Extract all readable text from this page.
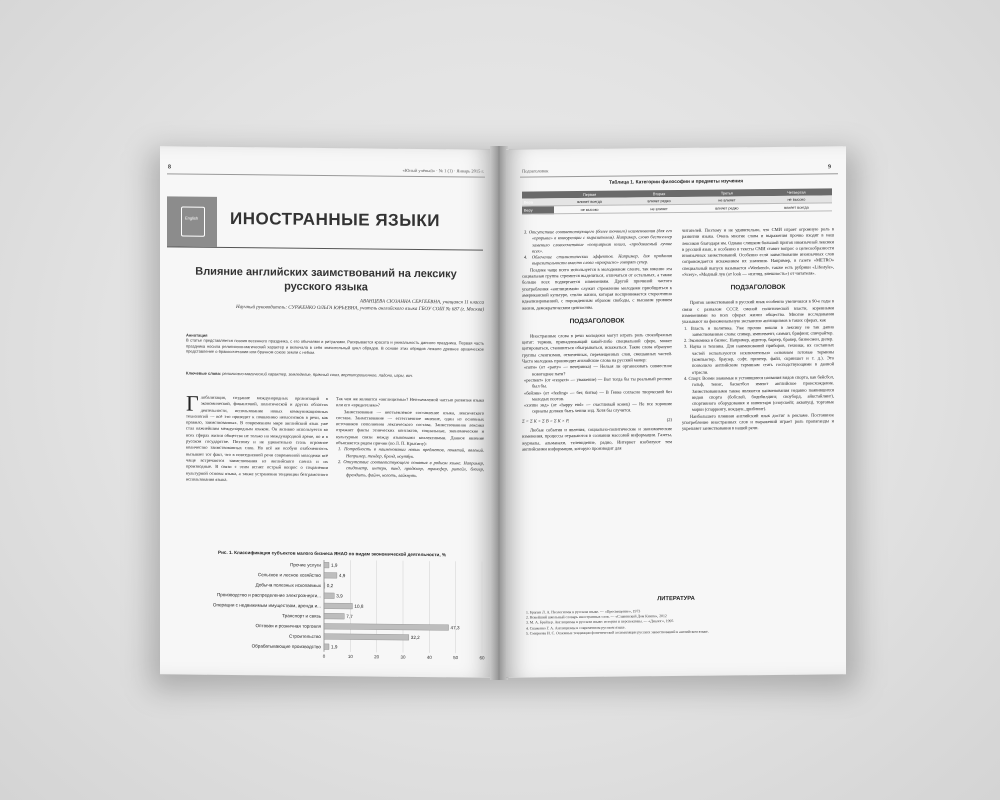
8
«Юный учёный» · № 1 (1) · Январь 2015 г.
English ИНОСТРАННЫЕ ЯЗЫКИ
Влияние английских заимствований на лексику русского языка
АВАНЦЕВА СЮЗАННА СЕРГЕЕВНА, учащаяся 11 класса
Научный руководитель: СУРЖЕНКО ОЛЬГА ЮРЬЕВНА, учитель английского языка ГБОУ СОШ № 687 (г. Москва)
Аннотация
В статье представляется поэзия весеннего праздника, с его обычаями и ритуалами. Раскрывается красота и уникальность данного праздника. Первая часть праздника носила религиозно-магический характер и включала в себя значительный цикл обрядов. В основе этих обрядов лежало древнее архаическое представление о бракосочетании или брачном союзе земли с небом.
Ключевые слова: религиозно-магический характер, земледелие, брачный союз, вертипорошенное, ладони, игры, вич.

Глобализация, создание международных организаций в экономической, финансовой, политической и других областях деятельности, использование новых коммуникационных технологий — всё это приводит к появлению неологизмов в речи, как правило, заимствованных. В современном мире английский язык уже стал важнейшим международным языком. Он активно используется во всех сферах жизни общества не только на международной арене, но и в русском государстве. Поэтому и не удивительно столь огромное количество заимствованных слов. Но всё же особую озабоченность вызывает тот факт, что в повседневной речи современной молодежи всё чаще встречаются заимствования из английского сленга и их производные. В связи с этим встает острый вопрос о сохранении культурной основы языка, а также устранения тенденции безграмотного использования языка.

Так чем же являются «англицизмы»? Неотъемлемой частью развития языка или его «вредителем»?

Заимствование — неотъемлемое составление языка, лексического состава. Заимствование — естественное явление, один из основных источников пополнения лексического состава. Заимствованная лексика отражает факты этнических контактов, социальные, экономические и культурные связи между языковыми коллективами. Данное явление объясняется рядом причин (по Л. П. Крысину):

1. Потребность в наименовании новых предметов, понятий, явлений. Например, тендер, бренд, ноутбук.

2. Отсутствие соответствующего понятия в родном языке. Например, спидометр, интерн, винд, продюсер, трансфер, ритейл, блогер, френдить, файнч, ноготь, лайкнуть.

Рис. 1. Классификация субъектов малого бизнеса ЯНАО по видам экономической деятельности, %
0	10	20	30	40	50	60
Прочие услуги 1,9
Сельское и лесное хозяйство	4,9
Добыча полезных ископаемых 0,2
Производство и распределение электроэнерги...	3,9
Операции с недвижимым имуществом, аренда и...	10,8
Транспорт и связь	7,7
Оптовая и розничная торговля	47,3
Строительство	32,2
Обрабатывающие производство 1,9
Подзаголовок
9
Таблица 1. Категории философии и предметы изучения
	Первая	Вторая	Третья	Четвертая
Вера	влияет всегда	влияет редко	не влияет	не высоко
Веру	не высоко	не влияет	влияет редко	влияет всегда

3. Отсутствие соответствующего (более точного) наименования (для его «прорыва» в конкуренции с выразителем). Например, слово бестселлер заменило словосочетание «популярная книга, «продаваемый лучше всех».

4. Облечение стилистических эффектов. Например, для придания выразительности вместо слова «прекрасно» говорят супер.

Позднее чаще всего используется в молодежном сленге, так именно эта социальная группа стремится выделиться, отличаться от остальных, а также больше всех подвергается изменениям. Другой причиной частого употребления «англицизмов» служит стремление молодежи приобщиться к американской культуре, стилю жизни, которая воспринимается стереотипно идеализированной, с порожденным образом свободы, с высоким уровнем жизни, демократическим ценностям.

ПОДЗАГОЛОВОК

Иностранные слова в речи молодежи могут играть роль своеобразных цитат: термин, принадлежащий какой-либо специальной сфере, может цитироваться, становиться обыгрываться, искажаться. Такие слова образуют группы сленгизмов, отмеченных, перемещенных слов, смешанных частей. Часто молодежь производит английские слова на русский манер:

«пати» (от «party» — вечеринка) — Нельзя ли организовать совместное новогоднее пати?

«респект» (от «respect» — уважение) — Вот тогда бы ты реальный респект был бы.

«бейзик» (от «feeling» — бег, битва) — В Генке согласно творческий без молодых поэтов.

«хэппи энд» (от «happy end» — счастливый конец) — Не все хорошие сериалы должен быть хеппи энд. Хотя бы случится.

Σ = Σ K × Σ B = Σ K × P,	(2)

Любые события и явления, социально-политические и экономические изменения, процессы отражаются в сознании массовой информации. Газеты, журналы, альманахи, телевидение, радио, Интернет изобилуют тем английскими информации, которую производит для

читателей. Поэтому и не удивительно, что СМИ играет огромную роль в развитии языка. Очень многие слова и выражения прочно входят в наш лексикон благодаря им. Однако слишком большой приток иноязычной лексики в русский язык, и особенно в тексты СМИ ставит вопрос о целесообразности иноязычных заимствований. Особенно если заимствование иноязычных слов сопровождается искажением их значения. Например, в газете «METRO» специальный выпуск называется «Weekend», также есть рубрики «Lifestyle», «Scery», «Модный лук (от look — «взгляд, внешность») от читателя».

ПОДЗАГОЛОВОК

Приток заимствований в русский язык особенно увеличился в 90-е годы в связи с развалом СССР, сменой политической власти, коренными изменениями во всех сферах жизни общества. Многие исследования указывают на феноменальную экспансию англицизмов в таких сферах, как

1. Власть и политика. Уже прочно вошли в лексику не так давно заимствованные слова: спикер, импичмент, саммит, брифинг, спичрайтер.

2. Экономика и бизнес. Например, аудитор, бартер, брокер, бизнесмен, дилер.

3. Наука и техника. Для наименований приборов, техники, их составных частей используются исключительно основном готовые термины (компьютер, браузер, софт, принтер, файл, скриншот и т. д.). Это позволило английским терминам стать господствующими в данной отрасли.

4. Спорт. Всеми знакомые и устоявшиеся названия видов спорта, как бейсбол, гольф, тенис, баскетбол имеют английское происхождение. Заимствованными также являются наименования недавно появившихся видов спорта (бобслей, бодибилдинг, сноуборд, айкстайлинг), спортивного оборудования и инвентаря (сноускейт, аквапуц), торговые марки (спаррингу, нокдаун, дриблинг).

Наибольшего влияния английский язык достиг в рекламе. Постоянное употребление иностранных слов и выражений играет роль пропаганды и укрепляет заимствования в нашей речи.

ЛИТЕРАТУРА

1. Брагин Л. А. Неологизмы в русском языке. — «Просвещение», 1973

2. Новейший школьный словарь иностранных слов. — «Славянский Дом Книги», 2012

3. М. А. Брейтер. Англицизмы в русском языке: история и перспективы. — «Диалог», 1995

4. Скаженко Г. А. Англицизмы в современном русском языке.

5. Смирнова И. С. Основные тенденции фонетической ассимиляции русских заимствований в английском языке.
